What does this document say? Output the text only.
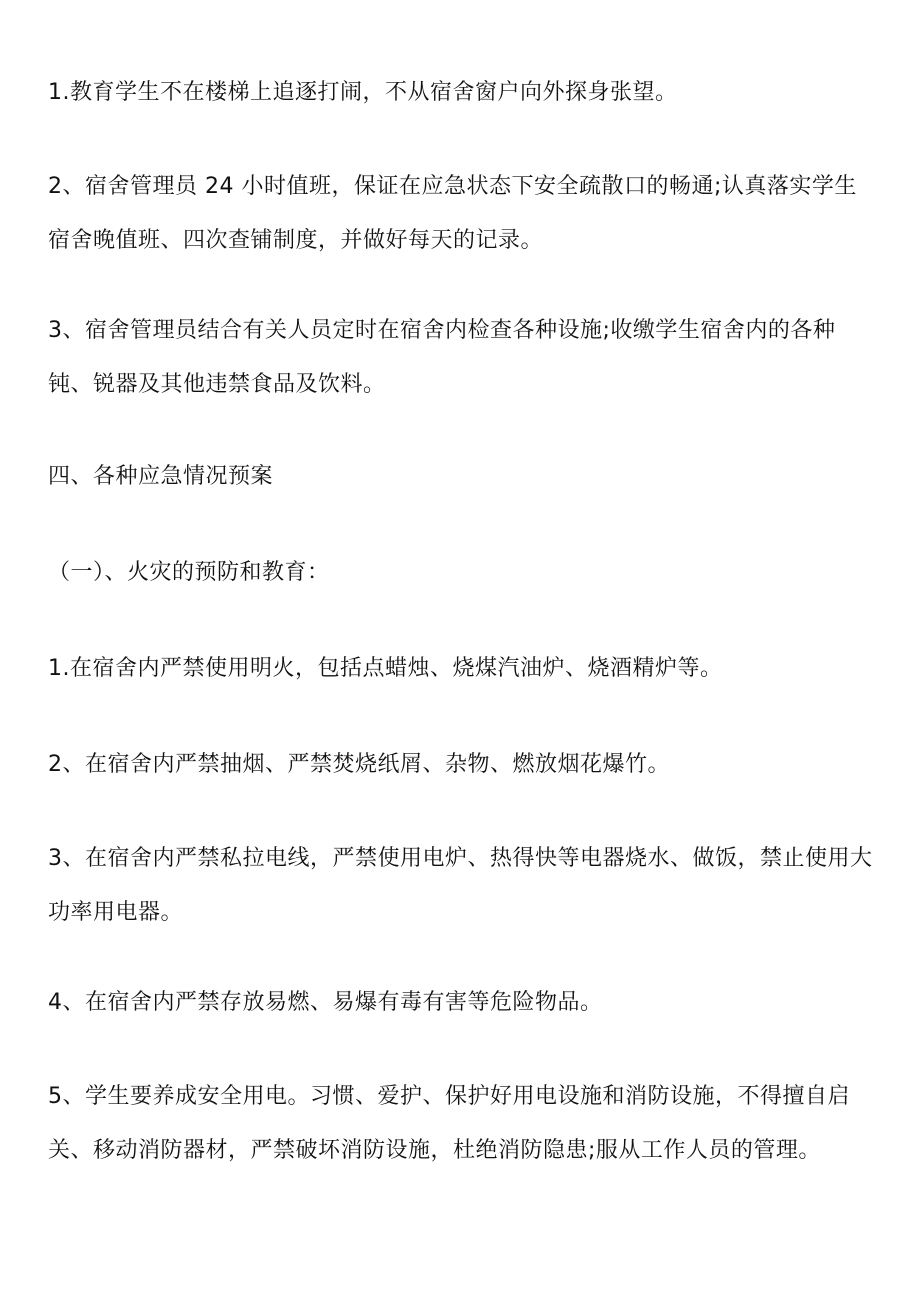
1.教育学生不在楼梯上追逐打闹，不从宿舍窗户向外探身张望。

2、宿舍管理员 24 小时值班，保证在应急状态下安全疏散口的畅通;认真落实学生宿舍晚值班、四次查铺制度，并做好每天的记录。

3、宿舍管理员结合有关人员定时在宿舍内检查各种设施;收缴学生宿舍内的各种钝、锐器及其他违禁食品及饮料。

四、各种应急情况预案

（一）、火灾的预防和教育：

1.在宿舍内严禁使用明火，包括点蜡烛、烧煤汽油炉、烧酒精炉等。

2、在宿舍内严禁抽烟、严禁焚烧纸屑、杂物、燃放烟花爆竹。

3、在宿舍内严禁私拉电线，严禁使用电炉、热得快等电器烧水、做饭，禁止使用大功率用电器。

4、在宿舍内严禁存放易燃、易爆有毒有害等危险物品。

5、学生要养成安全用电。习惯、爱护、保护好用电设施和消防设施，不得擅自启关、移动消防器材，严禁破坏消防设施，杜绝消防隐患;服从工作人员的管理。
